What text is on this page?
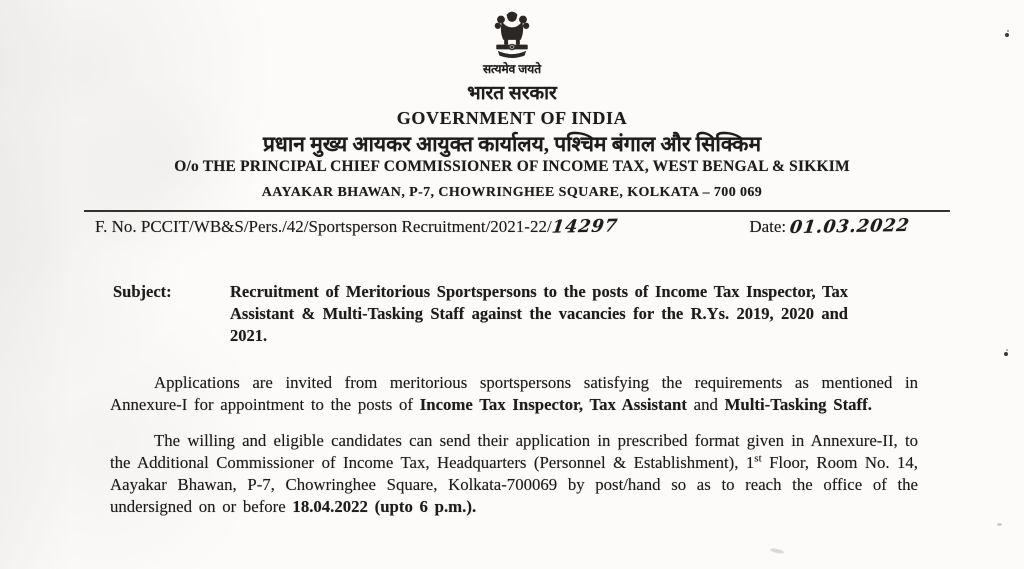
सत्यमेव जयते
भारत सरकार
GOVERNMENT OF INDIA
प्रधान मुख्य आयकर आयुक्त कार्यालय, पश्चिम बंगाल और सिक्किम
O/o THE PRINCIPAL CHIEF COMMISSIONER OF INCOME TAX, WEST BENGAL & SIKKIM
AAYAKAR BHAWAN, P-7, CHOWRINGHEE SQUARE, KOLKATA – 700 069
F. No. PCCIT/WB&S/Pers./42/Sportsperson Recruitment/2021-22/14297	Date: 01.03.2022
Subject:	Recruitment of Meritorious Sportspersons to the posts of Income Tax Inspector, Tax Assistant & Multi-Tasking Staff against the vacancies for the R.Ys. 2019, 2020 and 2021.

Applications are invited from meritorious sportspersons satisfying the requirements as mentioned in Annexure-I for appointment to the posts of Income Tax Inspector, Tax Assistant and Multi-Tasking Staff.

The willing and eligible candidates can send their application in prescribed format given in Annexure-II, to the Additional Commissioner of Income Tax, Headquarters (Personnel & Establishment), 1st Floor, Room No. 14, Aayakar Bhawan, P-7, Chowringhee Square, Kolkata-700069 by post/hand so as to reach the office of the undersigned on or before 18.04.2022 (upto 6 p.m.).
